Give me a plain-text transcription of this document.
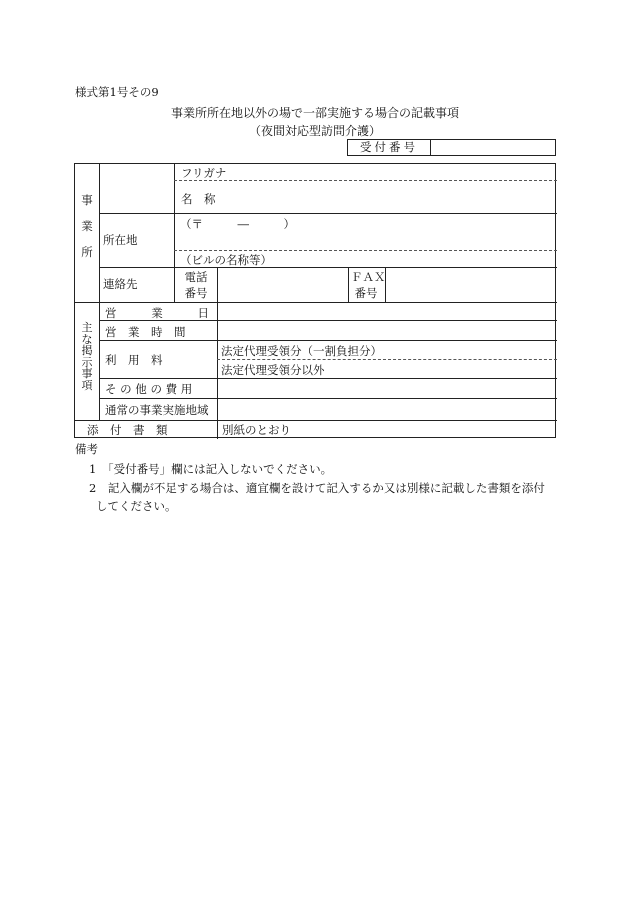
様式第1号その9
事業所所在地以外の場で一部実施する場合の記載事項
（夜間対応型訪問介護）
受付番号
事
業
所
フリガナ
名　称
所在地
（〒　　　―　　　）
（ビルの名称等）
連絡先	電話
番号
ＦＡＸ
番号
主
な
掲
示
事
項
営　業　日
営　業　時　間
利　用　料
法定代理受領分（一割負担分）
法定代理受領分以外
そ の 他 の 費 用
通常の事業実施地域
添　付　書　類	別紙のとおり
備考
1　 「受付番号」欄には記入しないでください。
2　 記入欄が不足する場合は、適宜欄を設けて記入するか又は別様に記載した書類を添付
してください。
